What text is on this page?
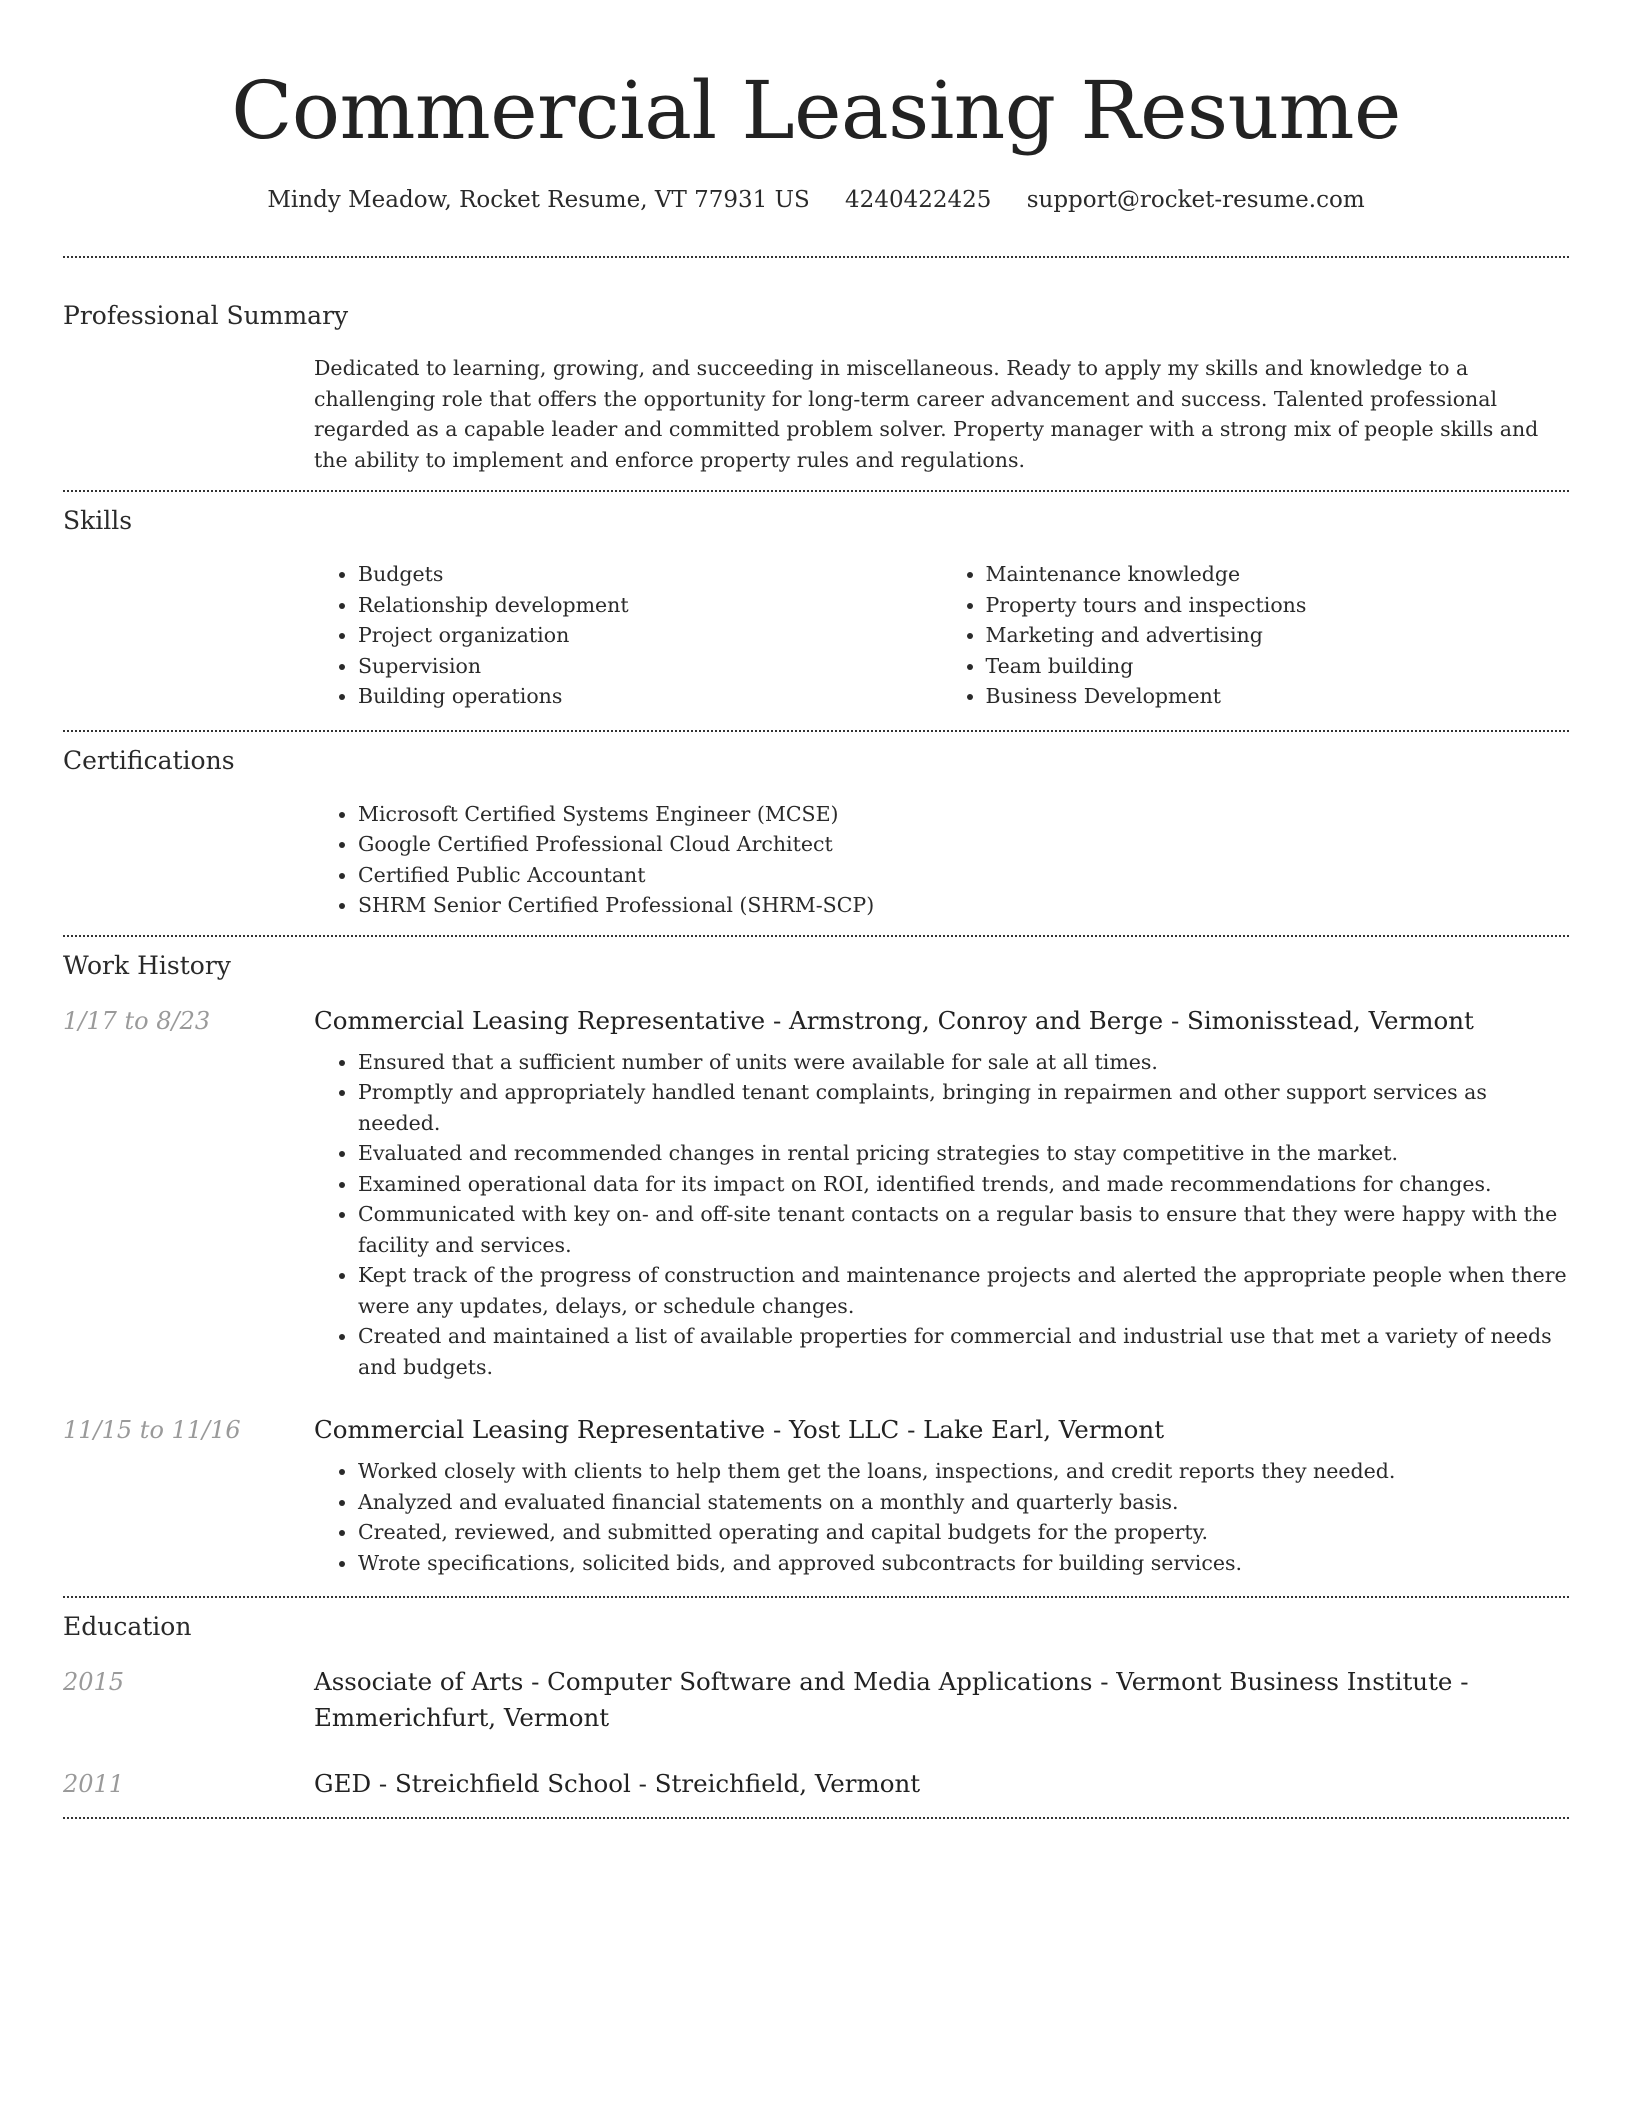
Commercial Leasing Resume
Mindy Meadow, Rocket Resume, VT 77931 US 4240422425 support@rocket-resume.com
Professional Summary
Dedicated to learning, growing, and succeeding in miscellaneous. Ready to apply my skills and knowledge to a challenging role that offers the opportunity for long-term career advancement and success. Talented professional regarded as a capable leader and committed problem solver. Property manager with a strong mix of people skills and the ability to implement and enforce property rules and regulations.
Skills
• Budgets
• Relationship development
• Project organization
• Supervision
• Building operations
• Maintenance knowledge
• Property tours and inspections
• Marketing and advertising
• Team building
• Business Development
Certifications
• Microsoft Certified Systems Engineer (MCSE)
• Google Certified Professional Cloud Architect
• Certified Public Accountant
• SHRM Senior Certified Professional (SHRM-SCP)
Work History
1/17 to 8/23	Commercial Leasing Representative - Armstrong, Conroy and Berge - Simonisstead, Vermont
• Ensured that a sufficient number of units were available for sale at all times.
• Promptly and appropriately handled tenant complaints, bringing in repairmen and other support services as needed.
• Evaluated and recommended changes in rental pricing strategies to stay competitive in the market.
• Examined operational data for its impact on ROI, identified trends, and made recommendations for changes.
• Communicated with key on- and off-site tenant contacts on a regular basis to ensure that they were happy with the facility and services.
• Kept track of the progress of construction and maintenance projects and alerted the appropriate people when there were any updates, delays, or schedule changes.
• Created and maintained a list of available properties for commercial and industrial use that met a variety of needs and budgets.
11/15 to 11/16	Commercial Leasing Representative - Yost LLC - Lake Earl, Vermont
• Worked closely with clients to help them get the loans, inspections, and credit reports they needed.
• Analyzed and evaluated financial statements on a monthly and quarterly basis.
• Created, reviewed, and submitted operating and capital budgets for the property.
• Wrote specifications, solicited bids, and approved subcontracts for building services.
Education
2015	Associate of Arts - Computer Software and Media Applications - Vermont Business Institute - Emmerichfurt, Vermont
2011	GED - Streichfield School - Streichfield, Vermont
